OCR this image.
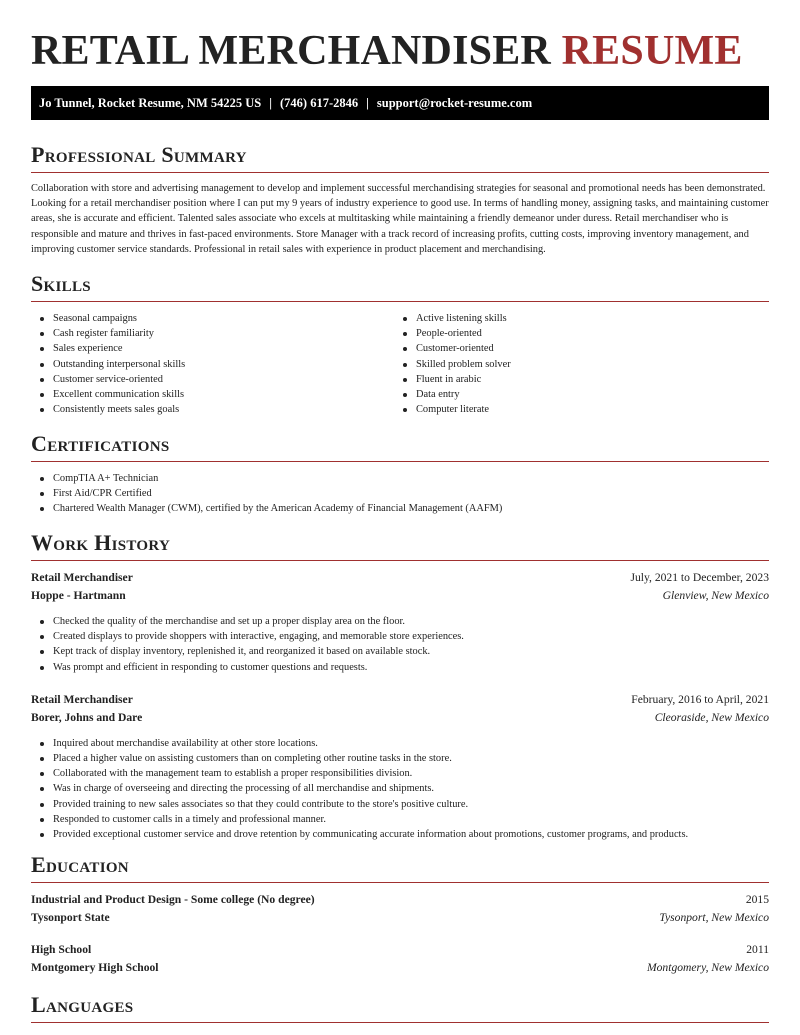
RETAIL MERCHANDISER RESUME
Jo Tunnel, Rocket Resume, NM 54225 US | (746) 617-2846 | support@rocket-resume.com
Professional Summary

Collaboration with store and advertising management to develop and implement successful merchandising strategies for seasonal and promotional needs has been demonstrated. Looking for a retail merchandiser position where I can put my 9 years of industry experience to good use. In terms of handling money, assigning tasks, and maintaining customer areas, she is accurate and efficient. Talented sales associate who excels at multitasking while maintaining a friendly demeanor under duress. Retail merchandiser who is responsible and mature and thrives in fast-paced environments. Store Manager with a track record of increasing profits, cutting costs, improving inventory management, and improving customer service standards. Professional in retail sales with experience in product placement and merchandising.

Skills
Seasonal campaigns
Cash register familiarity
Sales experience
Outstanding interpersonal skills
Customer service-oriented
Excellent communication skills
Consistently meets sales goals
Active listening skills
People-oriented
Customer-oriented
Skilled problem solver
Fluent in arabic
Data entry
Computer literate
Certifications
CompTIA A+ Technician
First Aid/CPR Certified
Chartered Wealth Manager (CWM), certified by the American Academy of Financial Management (AAFM)
Work History
Retail Merchandiser	July, 2021 to December, 2023
Hoppe - Hartmann	Glenview, New Mexico
Checked the quality of the merchandise and set up a proper display area on the floor.
Created displays to provide shoppers with interactive, engaging, and memorable store experiences.
Kept track of display inventory, replenished it, and reorganized it based on available stock.
Was prompt and efficient in responding to customer questions and requests.
Retail Merchandiser	February, 2016 to April, 2021
Borer, Johns and Dare	Cleoraside, New Mexico
Inquired about merchandise availability at other store locations.
Placed a higher value on assisting customers than on completing other routine tasks in the store.
Collaborated with the management team to establish a proper responsibilities division.
Was in charge of overseeing and directing the processing of all merchandise and shipments.
Provided training to new sales associates so that they could contribute to the store's positive culture.
Responded to customer calls in a timely and professional manner.
Provided exceptional customer service and drove retention by communicating accurate information about promotions, customer programs, and products.
Education
Industrial and Product Design - Some college (No degree)	2015
Tysonport State	Tysonport, New Mexico
High School	2011
Montgomery High School	Montgomery, New Mexico
Languages
